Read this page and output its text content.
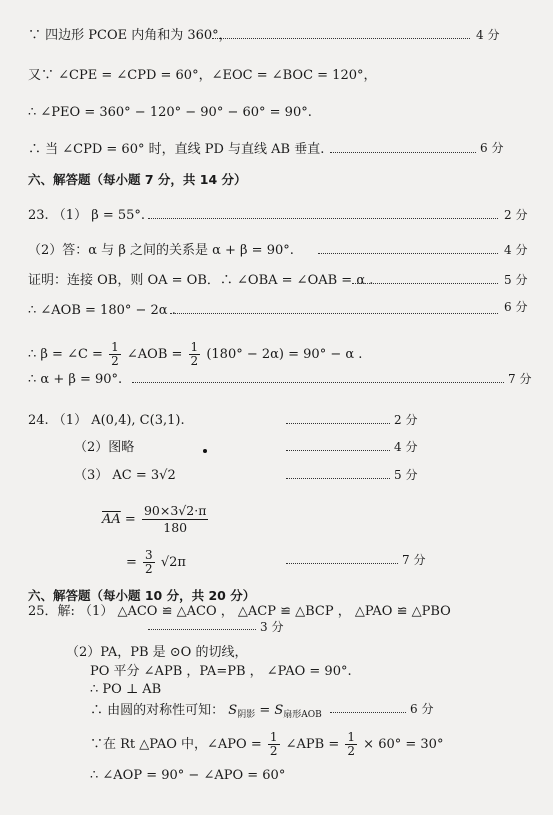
∵ 四边形 PCOE 内角和为 360°，	4 分
又∵ ∠CPE = ∠CPD = 60°，∠EOC = ∠BOC = 120°，
∴ ∠PEO = 360° − 120° − 90° − 60° = 90°.
∴ 当 ∠CPD = 60° 时，直线 PD 与直线 AB 垂直.	6 分
六、解答题（每小题 7 分，共 14 分）
23. （1） β = 55°.	2 分
（2）答：α 与 β 之间的关系是 α + β = 90°.	4 分
证明：连接 OB，则 OA = OB．∴ ∠OBA = ∠OAB = α .	5 分
∴ ∠AOB = 180° − 2α .	6 分
∴ β = ∠C = $\frac{1}{2}$ ∠AOB = $\frac{1}{2} (180^\circ - 2\alpha) = 90^\circ - \alpha$ .
∴ α + β = 90°.	7 分
24. （1） A(0,4), C(3,1).	2 分
（2）图略	4 分
（3） AC = 3√2	5 分
$\overline{AA} = \frac{90\times 3√2\cdot\pi}{180}$
= $\frac{3}{2} √2\pi$	7 分
六、解答题（每小题 10 分，共 20 分）
25．解: （1） △ACO ≌ △ACO ， △ACP ≌ △BCP ， △PAO ≌ △PBO
3 分
（2）PA，PB 是 ⊙O 的切线，
PO 平分 ∠APB ，PA=PB ， ∠PAO = 90°.
∴ PO ⊥ AB
∴ 由圆的对称性可知： $S_{阴影} = S_{扇形AOB}$	6 分
∵在 Rt △PAO 中，∠APO = $\frac{1}{2}$ ∠APB = $\frac{1}{2} \times 60^\circ = 30^\circ$
∴ ∠AOP = 90° − ∠APO = 60°
